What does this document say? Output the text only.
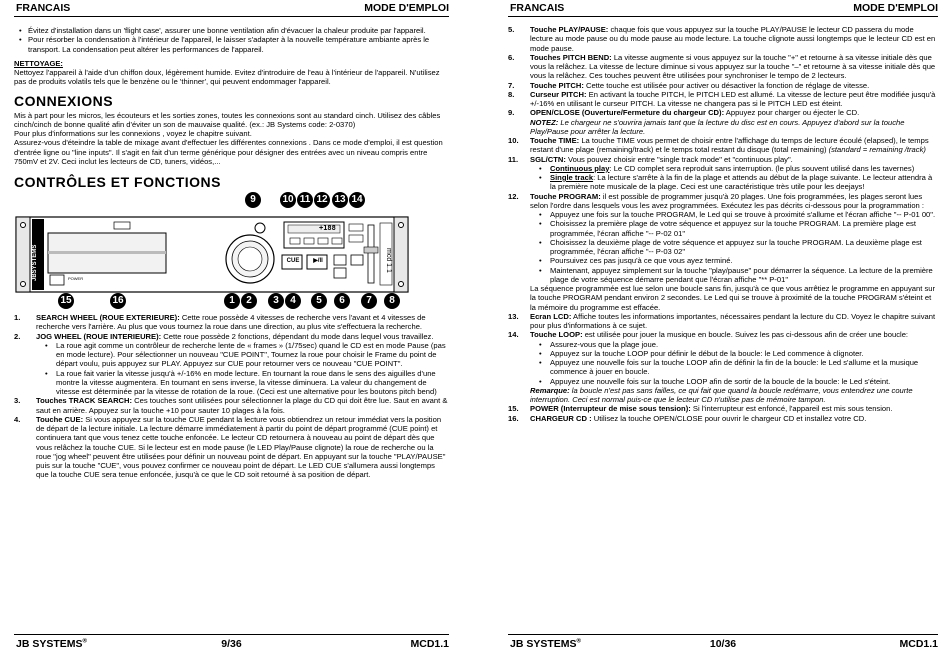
FRANCAIS	MODE D'EMPLOI
• Évitez d'installation dans un 'flight case', assurer une bonne ventilation afin d'évacuer la chaleur produite par l'appareil.
• Pour résorber la condensation à l'intérieur de l'appareil, le laisser s'adapter à la nouvelle température ambiante après le transport. La condensation peut altérer les performances de l'appareil.
NETTOYAGE:

Nettoyez l'appareil à l'aide d'un chiffon doux, légèrement humide. Evitez d'introduire de l'eau à l'intérieur de l'appareil. N'utilisez pas de produits volatils tels que le benzène ou le 'thinner', qui peuvent endommager l'appareil.

CONNEXIONS

Mis à part pour les micros, les écouteurs et les sorties zones, toutes les connexions sont au standard cinch. Utilisez des câbles cinch/cinch de bonne qualité afin d'éviter un son de mauvaise qualité. (ex.: JB Systems code: 2-0370)

Pour plus d'informations sur les connexions , voyez le chapitre suivant.

Assurez-vous d'éteindre la table de mixage avant d'effectuer les différentes connexions . Dans ce mode d'emploi, il est question d'entrée ligne ou "line inputs". Il s'agit en fait d'un terme générique pour désigner des entrées avec un niveau compris entre 750mV et 2V. Ceci inclut les lecteurs de CD, tuners, vidéos,...

CONTRÔLES ET FONCTIONS
JBSYSTEMS	mcd 1.1
POWER
+188
CUE	▶/II
9	10 11 12 13 14
1	2	3	4	5	6	7	8
15	16
1. SEARCH WHEEL (ROUE EXTERIEURE): Cette roue possède 4 vitesses de recherche vers l'avant et 4 vitesses de recherche vers l'arrière. Au plus que vous tournez la roue dans une direction, au plus vite s'effectuera la recherche.
2. JOG WHEEL (ROUE INTERIEURE): Cette roue possède 2 fonctions, dépendant du mode dans lequel vous travaillez.
• La roue agit comme un contrôleur de recherche lente de « frames » (1/75sec) quand le CD est en mode Pause (pas en mode lecture). Pour sélectionner un nouveau "CUE POINT", Tournez la roue pour choisir le Frame du point de départ voulu, puis appuyez sur PLAY. Appuyez sur CUE pour retourner vers ce nouveau "CUE POINT".
• La roue fait varier la vitesse jusqu'à +/-16% en mode lecture. En tournant la roue dans le sens des aiguilles d'une montre la vitesse augmentera. En tournant en sens inverse, la vitesse diminuera. La valeur du changement de vitesse est déterminée par la vitesse de rotation de la roue. (Ceci est une alternative pour les boutons pitch bend)
3. Touches TRACK SEARCH: Ces touches sont utilisées pour sélectionner la plage du CD qui doit être lue. Saut en avant & saut en arrière. Appuyez sur la touche +10 pour sauter 10 plages à la fois.
4. Touche CUE: Si vous appuyez sur la touche CUE pendant la lecture vous obtiendrez un retour immédiat vers la position de départ de la lecture initiale. La lecture démarre immédiatement à partir du point de départ programmé (CUE point) et continuera tant que vous tenez cette touche enfoncée. Le lecteur CD retournera à nouveau au point de départ dès que vous relâchez la touche CUE. Si le lecteur est en mode pause (le LED Play/Pause clignote) la roue de recherche ou la roue "jog wheel" peuvent être utilisées pour définir un nouveau point de départ. En appuyant sur la touche "PLAY/PAUSE" puis sur la touche "CUE", vous pouvez confirmer ce nouveau point de départ. Le LED CUE s'allumera aussi longtemps que la touche CUE sera tenue enfoncée, jusqu'à ce que le CD soit retourné à sa position de départ.
JB SYSTEMS®	9/36	MCD1.1
FRANCAIS	MODE D'EMPLOI
5. Touche PLAY/PAUSE: chaque fois que vous appuyez sur la touche PLAY/PAUSE le lecteur CD passera du mode lecture au mode pause ou du mode pause au mode lecture. La touche clignote aussi longtemps que le lecteur CD est en mode pause.
6. Touches PITCH BEND: La vitesse augmente si vous appuyez sur la touche "+" et retourne à sa vitesse initiale dès que vous la relâchez. La vitesse de lecture diminue si vous appuyez sur la touche "–" et retourne à sa vitesse initiale dès que vous la relâchez. Ces touches peuvent être utilisées pour synchroniser le tempo de 2 lecteurs.
7. Touche PITCH: Cette touche est utilisée pour activer ou désactiver la fonction de réglage de vitesse.
8. Curseur PITCH: En activant la touche PITCH, le PITCH LED est allumé. La vitesse de lecture peut être modifiée jusqu'à +/-16% en utilisant le curseur PITCH. La vitesse ne changera pas si le PITCH LED est éteint.
9. OPEN/CLOSE (Ouverture/Fermeture du chargeur CD): Appuyez pour charger ou éjecter le CD.
NOTEZ: Le chargeur ne s'ouvrira jamais tant que la lecture du disc est en cours. Appuyez d'abord sur la touche Play/Pause pour arrêter la lecture.
10. Touche TIME: La touche TIME vous permet de choisir entre l'affichage du temps de lecture écoulé (elapsed), le temps restant d'une plage (remaining/track) et le temps total restant du disque (total remaining) (standard = remaining /track)
11. SGL/CTN: Vous pouvez choisir entre "single track mode" et "continuous play".
• Continuous play: Le CD complet sera reproduit sans interruption. (le plus souvent utilisé dans les tavernes)
• Single track: La lecture s'arrête à la fin de la plage et attends au début de la plage suivante. Le lecteur attendra à la première note musicale de la plage. Ceci est une caractéristique très utile pour les deejays!
12. Touche PROGRAM: il est possible de programmer jusqu'à 20 plages. Une fois programmées, les plages seront lues selon l'ordre dans lesquels vous les avez programmées. Exécutez les pas décrits ci-dessous pour la programmation :
• Appuyez une fois sur la touche PROGRAM, le Led qui se trouve à proximité s'allume et l'écran affiche "-- P-01 00".
• Choisissez la première plage de votre séquence et appuyez sur la touche PROGRAM. La première plage est programmée, l'écran affiche "-- P-02 01"
• Choisissez la deuxième plage de votre séquence et appuyez sur la touche PROGRAM. La deuxième plage est programmée, l'écran affiche "-- P-03 02"
• Poursuivez ces pas jusqu'à ce que vous ayez terminé.
• Maintenant, appuyez simplement sur la touche "play/pause" pour démarrer la séquence. La lecture de la première plage de votre séquence démarre pendant que l'écran affiche "** P-01"
La séquence programmée est lue selon une boucle sans fin, jusqu'à ce que vous arrêtiez le programme en appuyant sur la touche PROGRAM pendant environ 2 secondes. Le Led qui se trouve à proximité de la touche PROGRAM s'éteint et la mémoire du programme est effacée.
13. Ecran LCD: Affiche toutes les informations importantes, nécessaires pendant la lecture du CD. Voyez le chapitre suivant pour plus d'informations à ce sujet.
14. Touche LOOP: est utilisée pour jouer la musique en boucle. Suivez les pas ci-dessous afin de créer une boucle:
• Assurez-vous que la plage joue.
• Appuyez sur la touche LOOP pour définir le début de la boucle: le Led commence à clignoter.
• Appuyez une nouvelle fois sur la touche LOOP afin de définir la fin de la boucle: le Led s'allume et la musique commence à jouer en boucle.
• Appuyez une nouvelle fois sur la touche LOOP afin de sortir de la boucle de la boucle: le Led s'éteint.
Remarque: la boucle n'est pas sans failles, ce qui fait que quand la boucle redémarre, vous entendrez une courte interruption. Ceci est normal puis-ce que le lecteur CD n'utilise pas de mémoire tampon.
15. POWER (Interrupteur de mise sous tension): Si l'interrupteur est enfoncé, l'appareil est mis sous tension.
16. CHARGEUR CD : Utilisez la touche OPEN/CLOSE pour ouvrir le chargeur CD et installez votre CD.
JB SYSTEMS®	10/36	MCD1.1
